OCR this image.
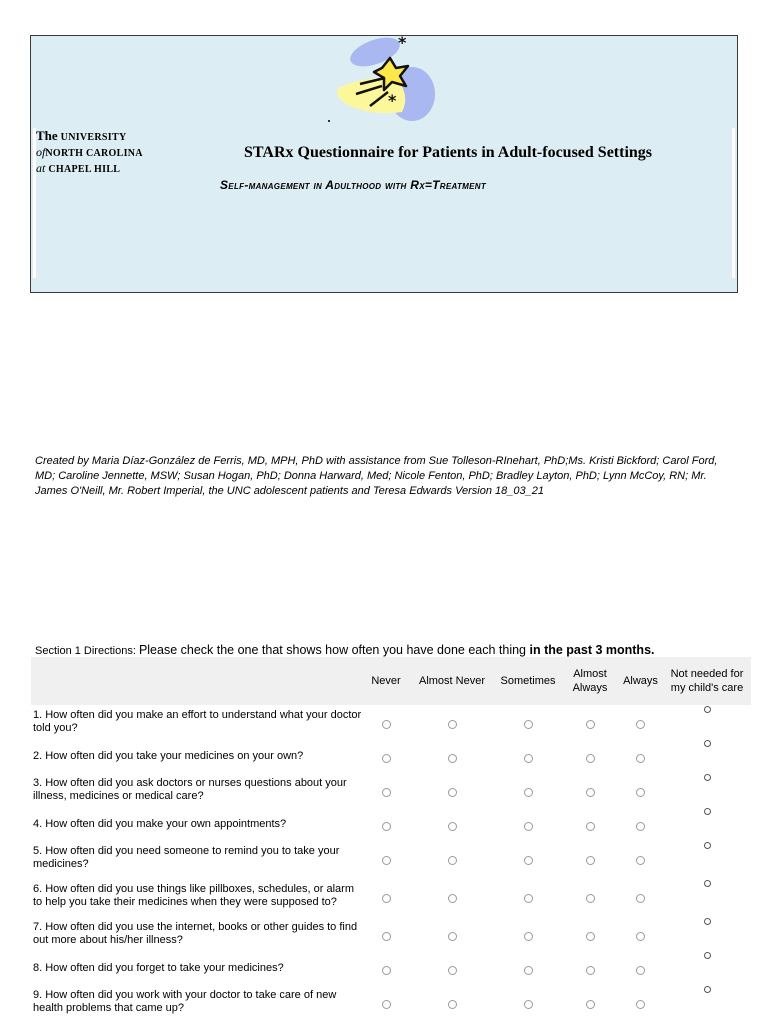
*
*
The UNIVERSITY
ofNORTH CAROLINA
at CHAPEL HILL
STARx Questionnaire for Patients in Adult-focused Settings
Self-management in Adulthood with Rx=Treatment
Created by Maria Díaz-González de Ferris, MD, MPH, PhD with assistance from Sue Tolleson-RInehart, PhD;Ms. Kristi Bickford; Carol Ford, MD; Caroline Jennette, MSW; Susan Hogan, PhD; Donna Harward, Med; Nicole Fenton, PhD; Bradley Layton, PhD; Lynn McCoy, RN; Mr. James O'Neill, Mr. Robert Imperial, the UNC adolescent patients and Teresa Edwards Version 18_03_21
Section 1 Directions: Please check the one that shows how often you have done each thing in the past 3 months.
	Never	Almost Never	Sometimes	Almost Always	Always	Not needed for my child's care
1. How often did you make an effort to understand what your doctor told you?						
2. How often did you take your medicines on your own?						
3. How often did you ask doctors or nurses questions about your illness, medicines or medical care?						
4. How often did you make your own appointments?						
5. How often did you need someone to remind you to take your medicines?						
6. How often did you use things like pillboxes, schedules, or alarm to help you take their medicines when they were supposed to?						
7. How often did you use the internet, books or other guides to find out more about his/her illness?						
8. How often did you forget to take your medicines?						
9. How often did you work with your doctor to take care of new health problems that came up?						
